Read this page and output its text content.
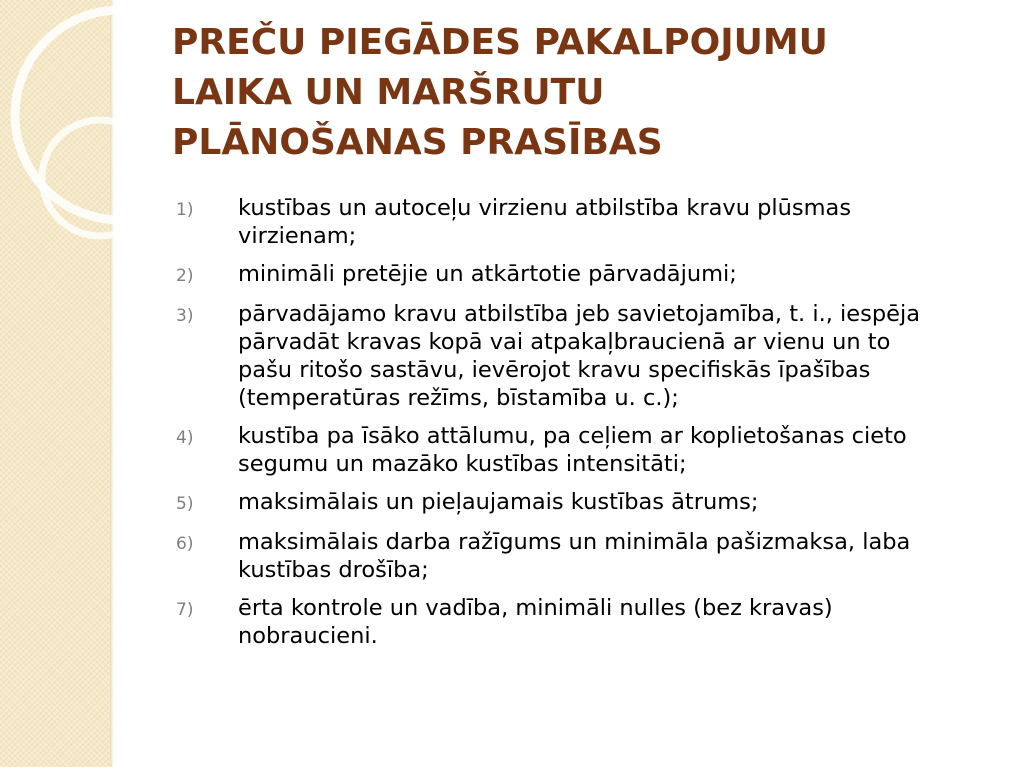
PREČU PIEGĀDES PAKALPOJUMU
LAIKA UN MARŠRUTU
PLĀNOŠANAS PRASĪBAS
1)	kustības un autoceļu virzienu atbilstība kravu plūsmas
virzienam;
2)	minimāli pretējie un atkārtotie pārvadājumi;
3)	pārvadājamo kravu atbilstība jeb savietojamība, t. i., iespēja
pārvadāt kravas kopā vai atpakaļbraucienā ar vienu un to
pašu ritošo sastāvu, ievērojot kravu specifiskās īpašības
(temperatūras režīms, bīstamība u. c.);
4)	kustība pa īsāko attālumu, pa ceļiem ar koplietošanas cieto
segumu un mazāko kustības intensitāti;
5)	maksimālais un pieļaujamais kustības ātrums;
6)	maksimālais darba ražīgums un minimāla pašizmaksa, laba
kustības drošība;
7)	ērta kontrole un vadība, minimāli nulles (bez kravas)
nobraucieni.
